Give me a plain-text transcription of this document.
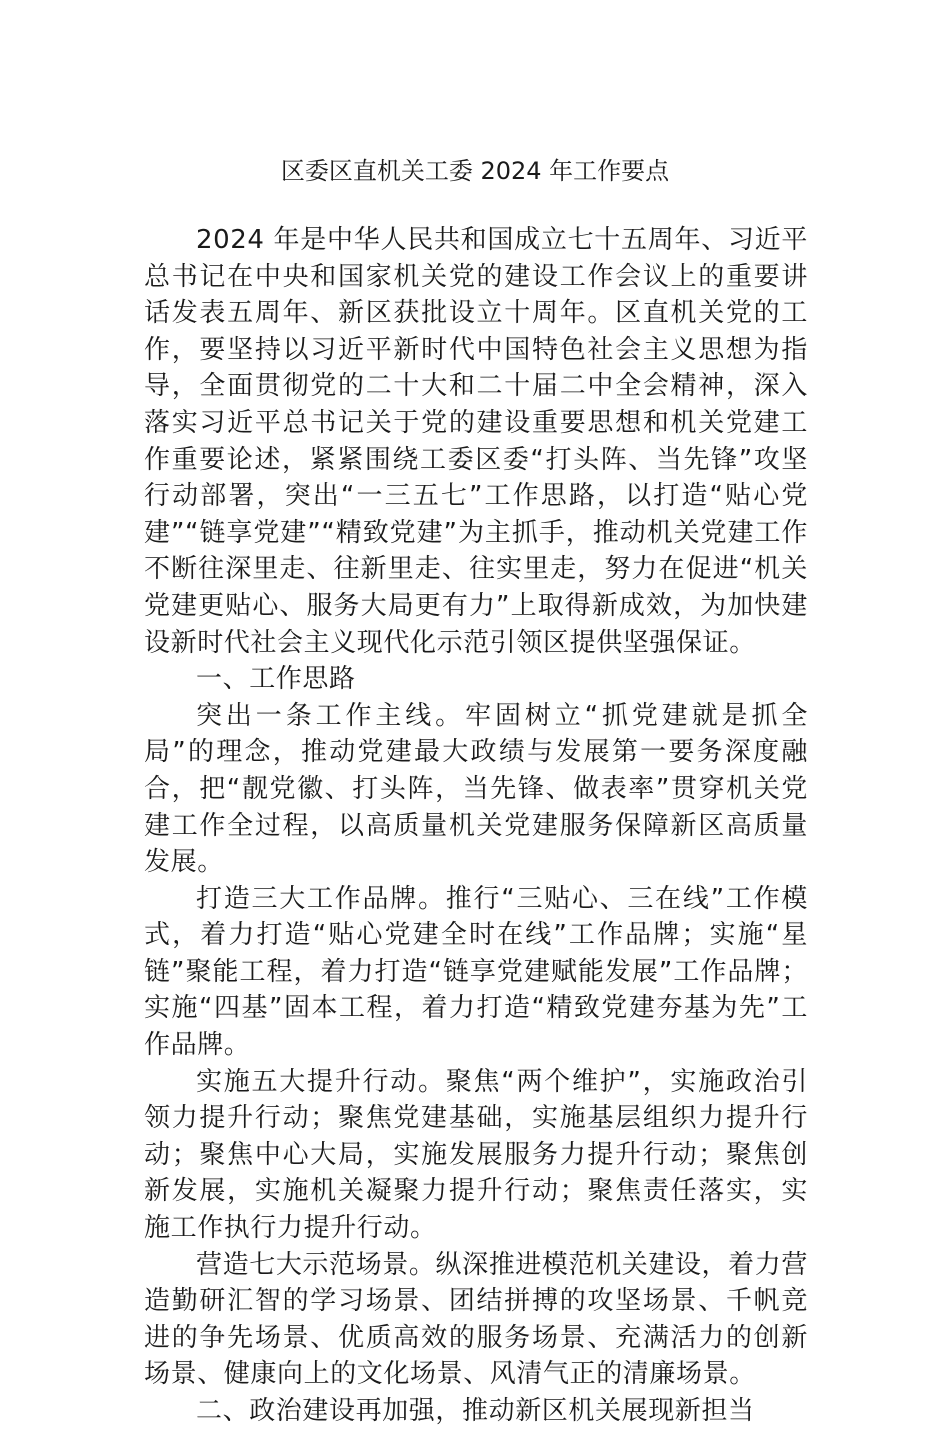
区委区直机关工委 2024 年工作要点

2024 年是中华人民共和国成立七十五周年、习近平总书记在中央和国家机关党的建设工作会议上的重要讲话发表五周年、新区获批设立十周年。区直机关党的工作，要坚持以习近平新时代中国特色社会主义思想为指导，全面贯彻党的二十大和二十届二中全会精神，深入落实习近平总书记关于党的建设重要思想和机关党建工作重要论述，紧紧围绕工委区委“打头阵、当先锋”攻坚行动部署，突出“一三五七”工作思路，以打造“贴心党建”“链享党建”“精致党建”为主抓手，推动机关党建工作不断往深里走、往新里走、往实里走，努力在促进“机关党建更贴心、服务大局更有力”上取得新成效，为加快建设新时代社会主义现代化示范引领区提供坚强保证。

一、工作思路

突出一条工作主线。牢固树立“抓党建就是抓全局”的理念，推动党建最大政绩与发展第一要务深度融合，把“靓党徽、打头阵，当先锋、做表率”贯穿机关党建工作全过程，以高质量机关党建服务保障新区高质量发展。

打造三大工作品牌。推行“三贴心、三在线”工作模式，着力打造“贴心党建全时在线”工作品牌；实施“星链”聚能工程，着力打造“链享党建赋能发展”工作品牌；实施“四基”固本工程，着力打造“精致党建夯基为先”工作品牌。

实施五大提升行动。聚焦“两个维护”，实施政治引领力提升行动；聚焦党建基础，实施基层组织力提升行动；聚焦中心大局，实施发展服务力提升行动；聚焦创新发展，实施机关凝聚力提升行动；聚焦责任落实，实施工作执行力提升行动。

营造七大示范场景。纵深推进模范机关建设，着力营造勤研汇智的学习场景、团结拼搏的攻坚场景、千帆竞进的争先场景、优质高效的服务场景、充满活力的创新场景、健康向上的文化场景、风清气正的清廉场景。

二、政治建设再加强，推动新区机关展现新担当
